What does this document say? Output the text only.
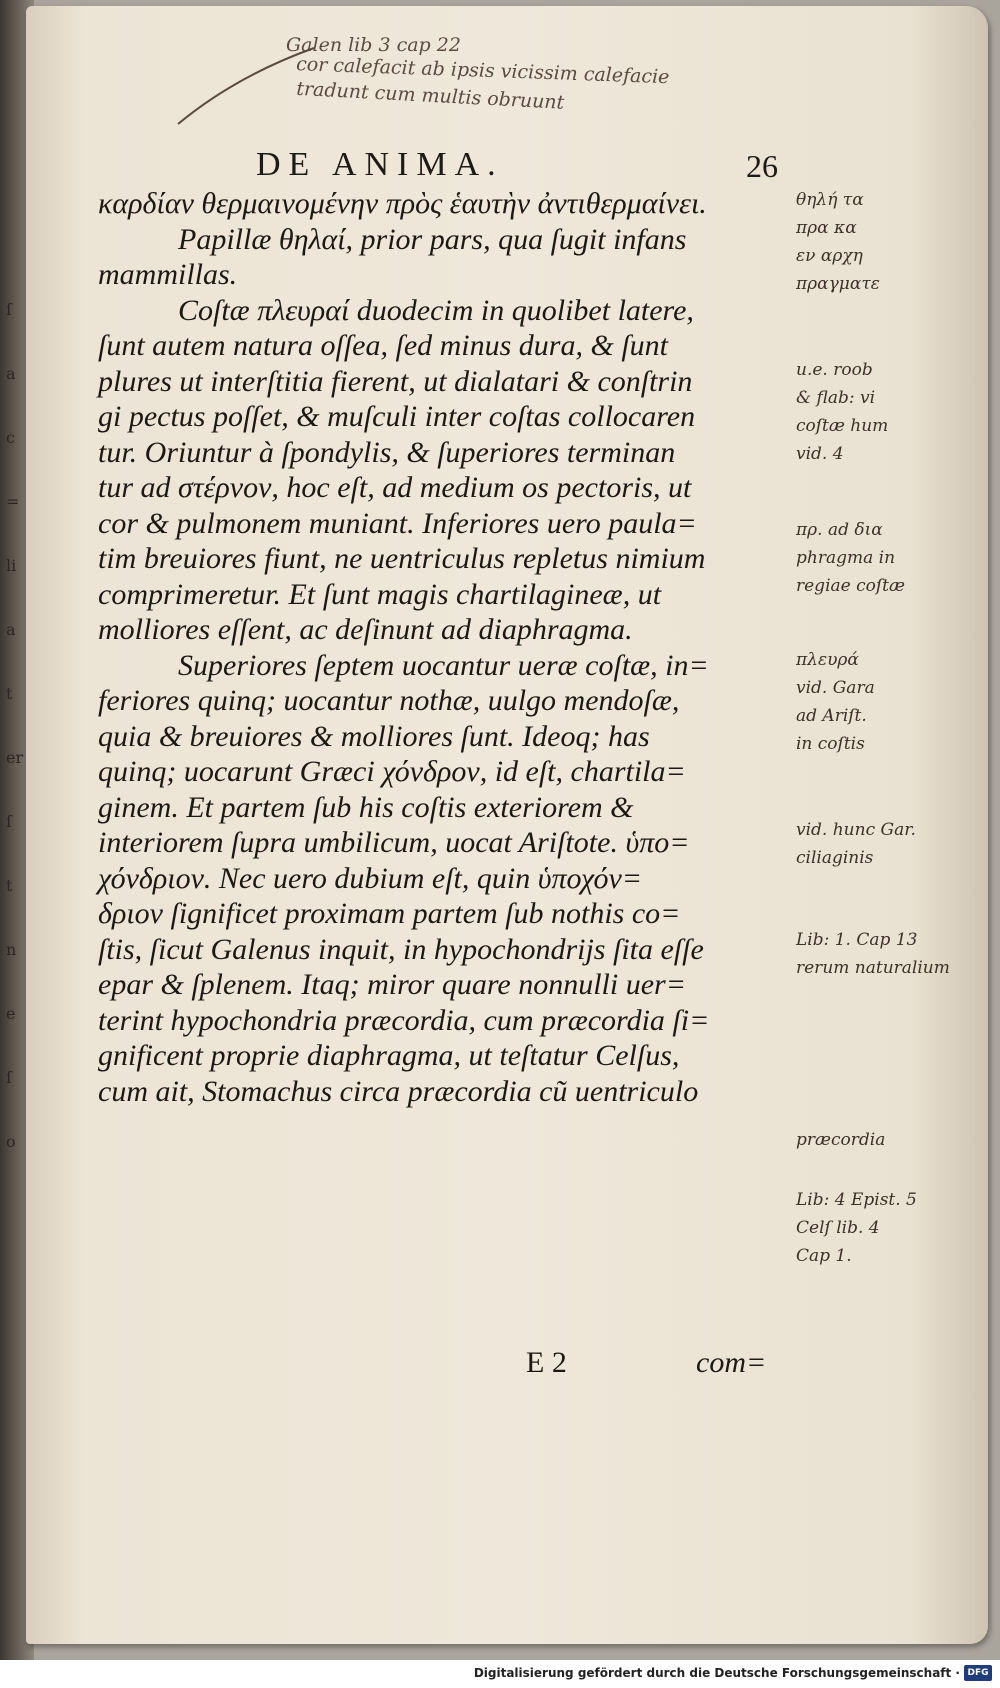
ſ
a
c
=
li
a
t
er
ſ
t
n
e
ſ
o
Galen lib 3 cap 22
cor calefacit ab ipsis vicissim calefacie
tradunt cum multis obruunt
DE ANIMA.	26
καρδίαν θερμαινομένην πρὸς ἑαυτὴν ἀντιθερμαίνει.
Papillæ θηλαί, prior pars, qua ſugit infans
mammillas.
Coſtæ πλευραί duodecim in quolibet latere,
ſunt autem natura oſſea, ſed minus dura, & ſunt
plures ut interſtitia fierent, ut dialatari & conſtrin
gi pectus poſſet, & muſculi inter coſtas collocaren
tur. Oriuntur à ſpondylis, & ſuperiores terminan
tur ad στέρνον, hoc eſt, ad medium os pectoris, ut
cor & pulmonem muniant. Inferiores uero paula=
tim breuiores fiunt, ne uentriculus repletus nimium
comprimeretur. Et ſunt magis chartilagineæ, ut
molliores eſſent, ac deſinunt ad diaphragma.
Superiores ſeptem uocantur ueræ coſtæ, in=
feriores quinq; uocantur nothæ, uulgo mendoſæ,
quia & breuiores & molliores ſunt. Ideoq; has
quinq; uocarunt Græci χόνδρον, id eſt, chartila=
ginem. Et partem ſub his coſtis exteriorem &
interiorem ſupra umbilicum, uocat Ariſtote. ὑπο=
χόνδριον. Nec uero dubium eſt, quin ὑποχόν=
δριον ſignificet proximam partem ſub nothis co=
ſtis, ſicut Galenus inquit, in hypochondrijs ſita eſſe
epar & ſplenem. Itaq; miror quare nonnulli uer=
terint hypochondria præcordia, cum præcordia ſi=
gnificent proprie diaphragma, ut teſtatur Celſus,
cum ait, Stomachus circa præcordia cũ uentriculo
θηλή τα
πρα κα
εν αρχη
πραγματε
u.e. roob
& flab: vi
coſtæ hum
vid. 4
πρ. ad δια
phragma in
regiae coſtæ
πλευρά
vid. Gara
ad Ariſt.
in coſtis
vid. hunc Gar.
ciliaginis
Lib: 1. Cap 13
rerum naturalium
præcordia
Lib: 4 Epist. 5
Celſ lib. 4
Cap 1.
E 2	com=
Digitalisierung gefördert durch die Deutsche Forschungsgemeinschaft · DFG
